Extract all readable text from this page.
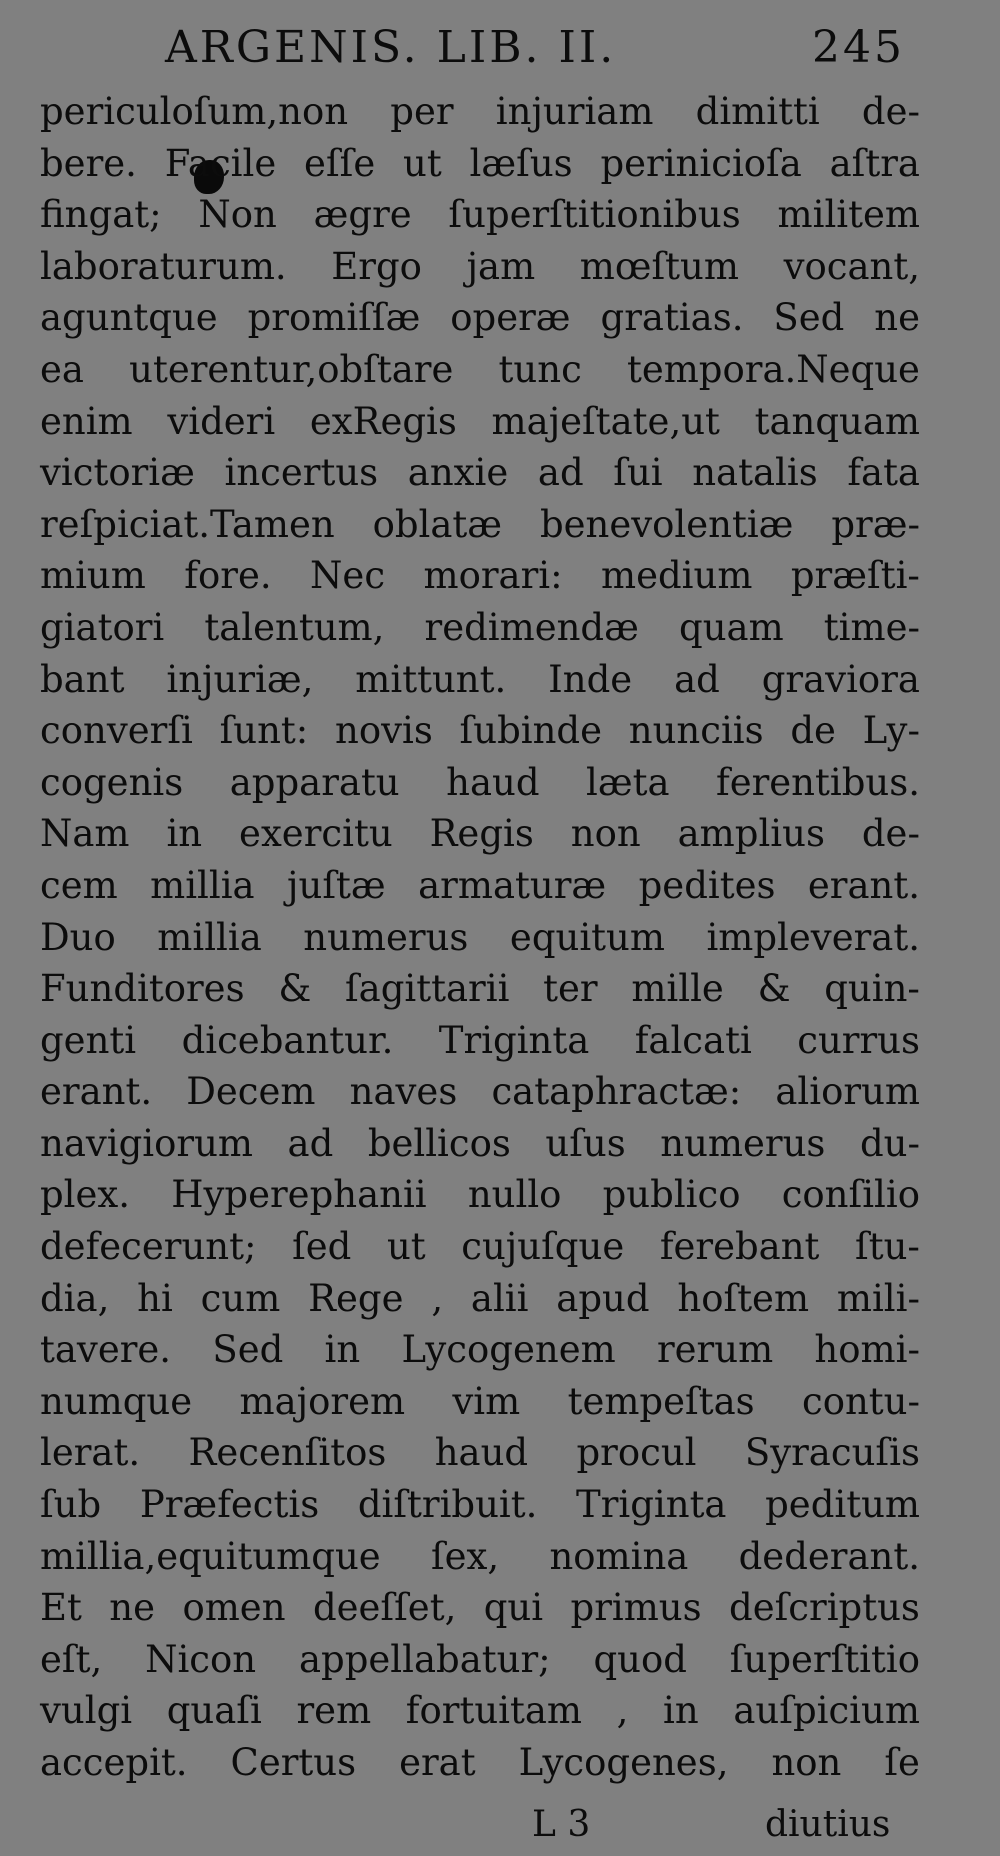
ARGENIS. LIB. II.	245
periculoſum,non per injuriam dimitti de-
bere. Facile eſſe ut læſus perinicioſa aſtra
fingat; Non ægre ſuperſtitionibus militem
laboraturum. Ergo jam mœſtum vocant,
aguntque promiſſæ operæ gratias. Sed ne
ea uterentur,obſtare tunc tempora.Neque
enim videri exRegis majeſtate,ut tanquam
victoriæ incertus anxie ad ſui natalis fata
reſpiciat.Tamen oblatæ benevolentiæ præ-
mium fore. Nec morari: medium præſti-
giatori talentum, redimendæ quam time-
bant injuriæ, mittunt. Inde ad graviora
converſi ſunt: novis ſubinde nunciis de Ly-
cogenis apparatu haud læta ferentibus.
Nam in exercitu Regis non amplius de-
cem millia juſtæ armaturæ pedites erant.
Duo millia numerus equitum impleverat.
Funditores & ſagittarii ter mille & quin-
genti dicebantur. Triginta falcati currus
erant. Decem naves cataphractæ: aliorum
navigiorum ad bellicos uſus numerus du-
plex. Hyperephanii nullo publico conſilio
defecerunt; ſed ut cujuſque ferebant ſtu-
dia, hi cum Rege , alii apud hoſtem mili-
tavere. Sed in Lycogenem rerum homi-
numque majorem vim tempeſtas contu-
lerat. Recenſitos haud procul Syracuſis
ſub Præfectis diſtribuit. Triginta peditum
millia,equitumque ſex, nomina dederant.
Et ne omen deeſſet, qui primus deſcriptus
eſt, Nicon appellabatur; quod ſuperſtitio
vulgi quaſi rem fortuitam , in auſpicium
accepit. Certus erat Lycogenes, non ſe
L 3	diutius
